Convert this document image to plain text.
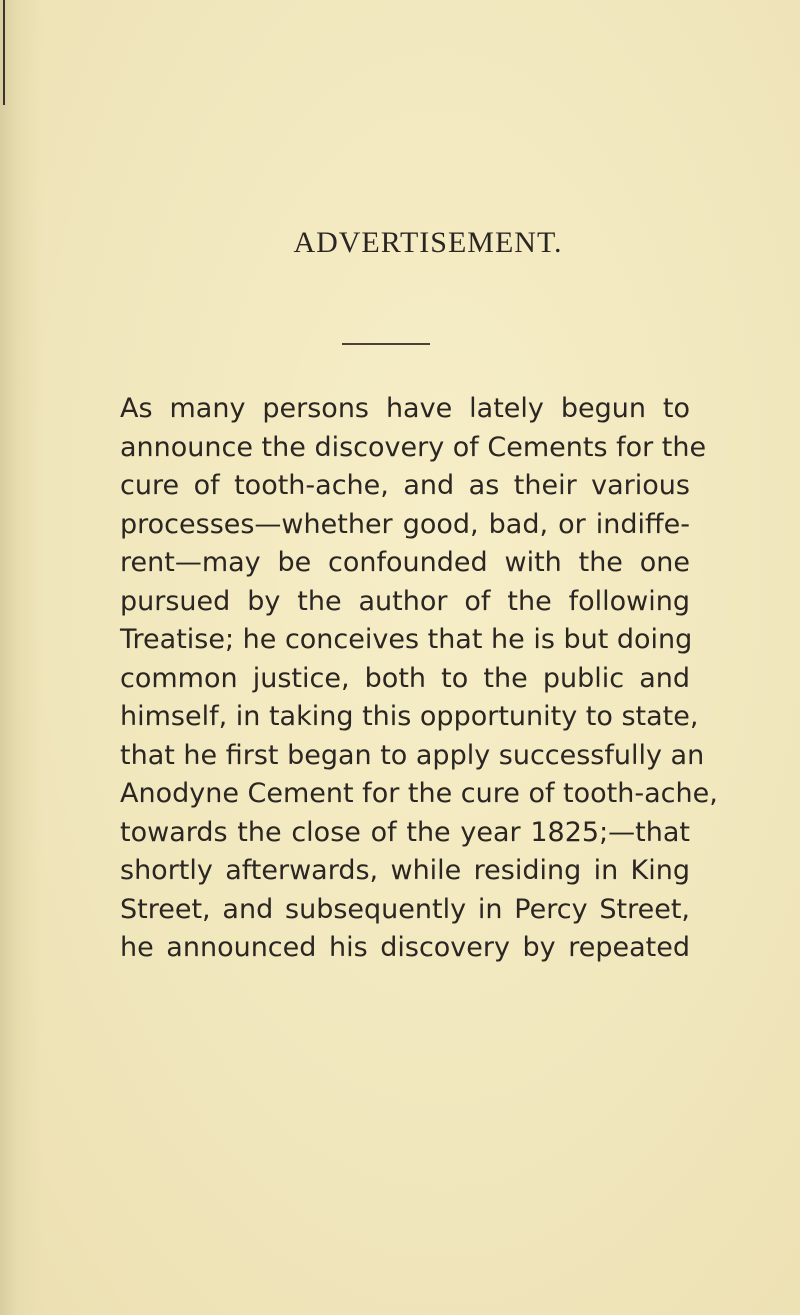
ADVERTISEMENT.
As many persons have lately begun to
announce the discovery of Cements for the
cure of tooth-ache, and as their various
processes—whether good, bad, or indiffe-
rent—may be confounded with the one
pursued by the author of the following
Treatise; he conceives that he is but doing
common justice, both to the public and
himself, in taking this opportunity to state,
that he first began to apply successfully an
Anodyne Cement for the cure of tooth-ache,
towards the close of the year 1825;—that
shortly afterwards, while residing in King
Street, and subsequently in Percy Street,
he announced his discovery by repeated
